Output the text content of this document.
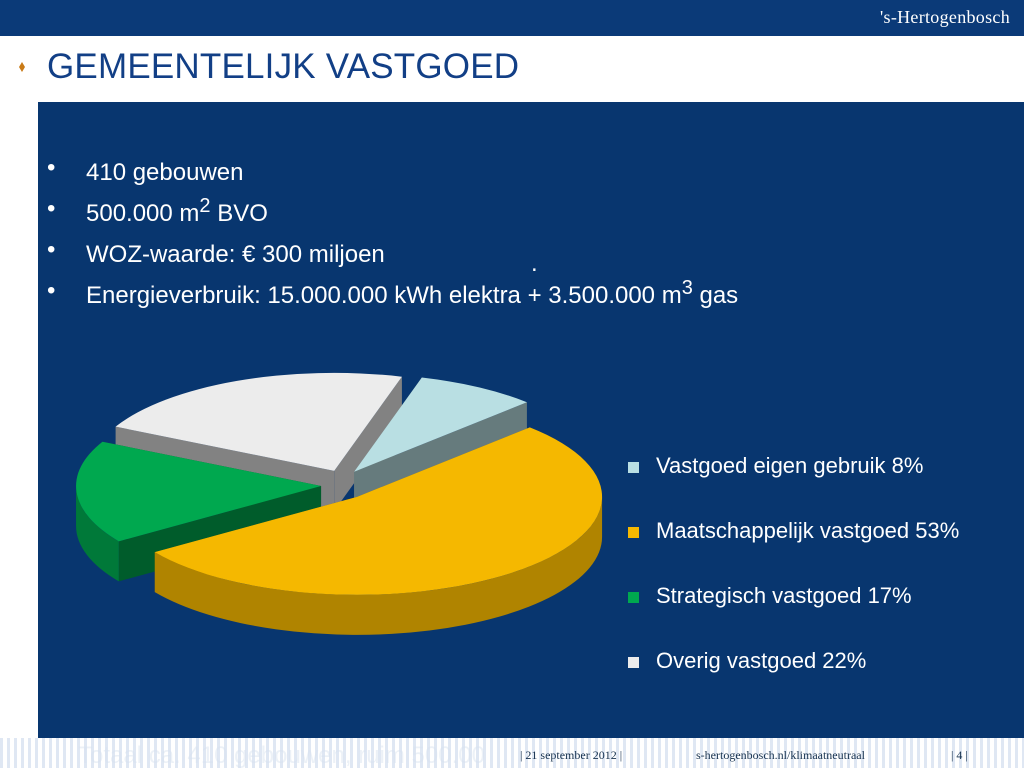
's-Hertogenbosch
GEMEENTELIJK VASTGOED
• 410 gebouwen
• 500.000 $m^2$ BVO
• WOZ-waarde: € 300 miljoen
• Energieverbruik: 15.000.000 kWh elektra + 3.500.000 $m^3$ gas
.
Vastgoed eigen gebruik 8%
Maatschappelijk vastgoed 53%
Strategisch vastgoed 17%
Overig vastgoed 22%
Totaal ca. 410 gebouwen, ruim 500.00	| 21 september 2012 |	s-hertogenbosch.nl/klimaatneutraal	| 4 |
